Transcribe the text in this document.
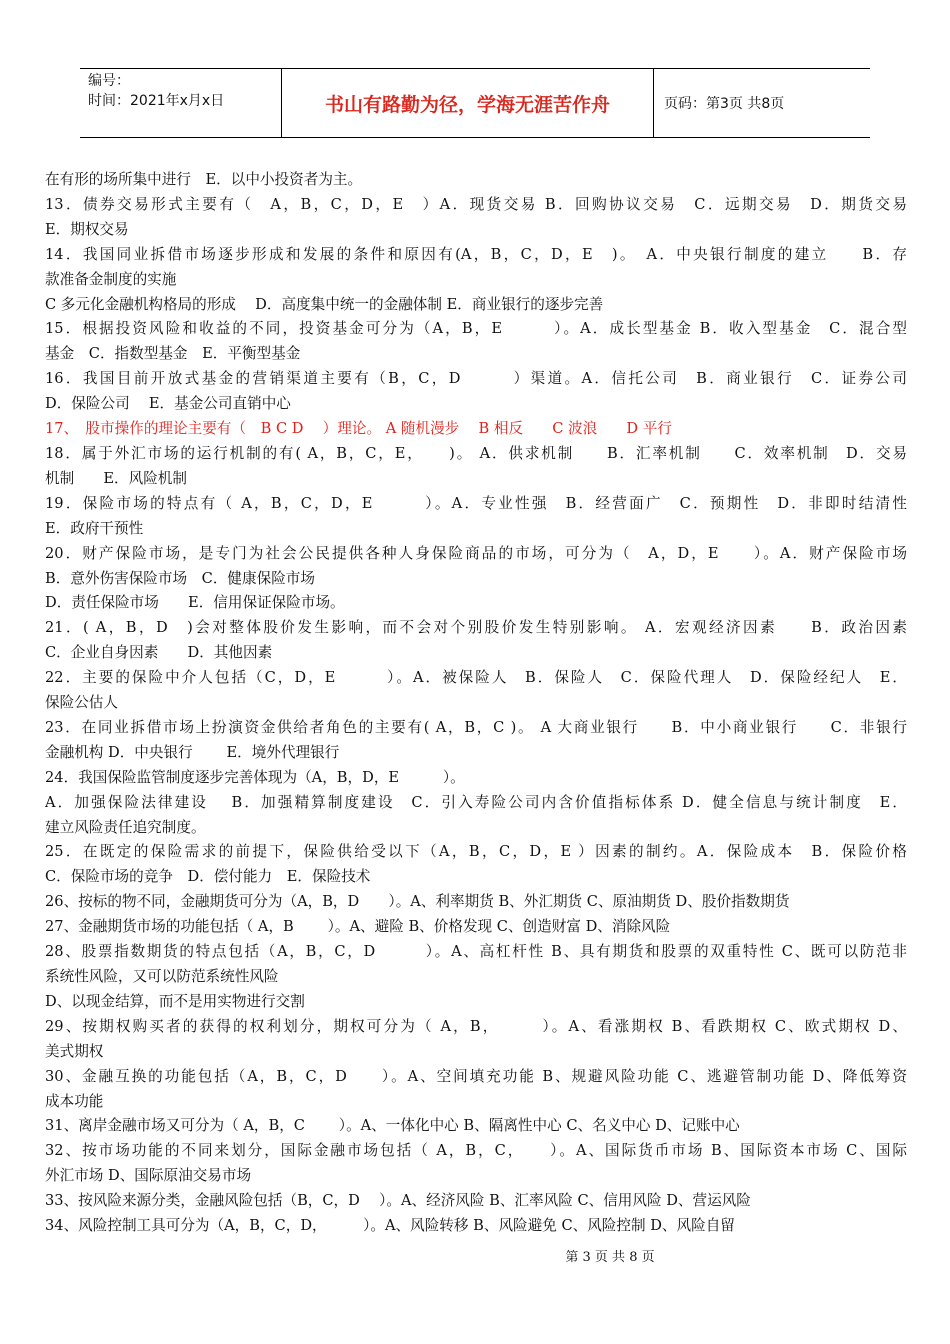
编号：
时间：2021年x月x日	书山有路勤为径，学海无涯苦作舟	页码：第3页 共8页
在有形的场所集中进行　E．以中小投资者为主。
13．债券交易形式主要有（　A，B，C，D，E　）A．现货交易 B．回购协议交易　C．远期交易　D．期货交易
E．期权交易
14．我国同业拆借市场逐步形成和发展的条件和原因有(A，B，C，D，E　)。　A．中央银行制度的建立　　B．存
款准备金制度的实施
C 多元化金融机构格局的形成　 D．高度集中统一的金融体制 E．商业银行的逐步完善
15．根据投资风险和收益的不同，投资基金可分为（A，B，E　　　）。A．成长型基金 B．收入型基金　C．混合型
基金　C．指数型基金　E．平衡型基金
16．我国目前开放式基金的营销渠道主要有（B，C，D　　　）渠道。A．信托公司　B．商业银行　C．证券公司
D．保险公司　 E．基金公司直销中心
17、　股市操作的理论主要有（　B C D　 ）理论。 A 随机漫步　 B 相反　　C 波浪　　D 平行
18．属于外汇市场的运行机制的有( A，B，C，E，　　)。 A．供求机制　　B．汇率机制　　C．效率机制　D．交易
机制　　E．风险机制
19．保险市场的特点有（ A，B，C，D，E　　　）。A．专业性强　B．经营面广　C．预期性　D．非即时结清性
E．政府干预性
20．财产保险市场，是专门为社会公民提供各种人身保险商品的市场，可分为（　A，D，E　　）。A．财产保险市场
B．意外伤害保险市场　C．健康保险市场
D．责任保险市场　　E．信用保证保险市场。
21．( A，B，D　)会对整体股价发生影响，而不会对个别股价发生特别影响。 A．宏观经济因素　　B．政治因素
C．企业自身因素　　D．其他因素
22．主要的保险中介人包括（C，D，E　　　）。A．被保险人　B．保险人　C．保险代理人　D．保险经纪人　E．
保险公估人
23．在同业拆借市场上扮演资金供给者角色的主要有( A，B，C )。 A 大商业银行　　B．中小商业银行　　C．非银行
金融机构 D．中央银行　　 E．境外代理银行
24．我国保险监管制度逐步完善体现为（A，B，D，E　　　）。
A．加强保险法律建设　 B．加强精算制度建设　C．引入寿险公司内含价值指标体系 D．健全信息与统计制度　E．
建立风险责任追究制度。
25．在既定的保险需求的前提下，保险供给受以下（A，B，C，D，E ）因素的制约。A．保险成本　B．保险价格
C．保险市场的竞争　D．偿付能力　E．保险技术
26、按标的物不同，金融期货可分为（A，B，D　　）。A、利率期货 B、外汇期货 C、原油期货 D、股价指数期货
27、金融期货市场的功能包括（ A，B　　 ）。A、避险 B、价格发现 C、创造财富 D、消除风险
28、股票指数期货的特点包括（A，B，C，D　　　）。A、高杠杆性 B、具有期货和股票的双重特性 C、既可以防范非
系统性风险，又可以防范系统性风险
D、以现金结算，而不是用实物进行交割
29、按期权购买者的获得的权利划分，期权可分为（ A，B，　　　）。A、看涨期权 B、看跌期权 C、欧式期权 D、
美式期权
30、金融互换的功能包括（A，B，C，D　　）。A、空间填充功能 B、规避风险功能 C、逃避管制功能 D、降低筹资
成本功能
31、离岸金融市场又可分为（ A，B，C　　 ）。A、一体化中心 B、隔离性中心 C、名义中心 D、记账中心
32、按市场功能的不同来划分，国际金融市场包括（ A，B，C，　　）。A、国际货币市场 B、国际资本市场 C、国际
外汇市场 D、国际原油交易市场
33、按风险来源分类，金融风险包括（B，C，D　 ）。A、经济风险 B、汇率风险 C、信用风险 D、营运风险
34、风险控制工具可分为（A，B，C，D，　　　）。A、风险转移 B、风险避免 C、风险控制 D、风险自留
第 3 页 共 8 页
